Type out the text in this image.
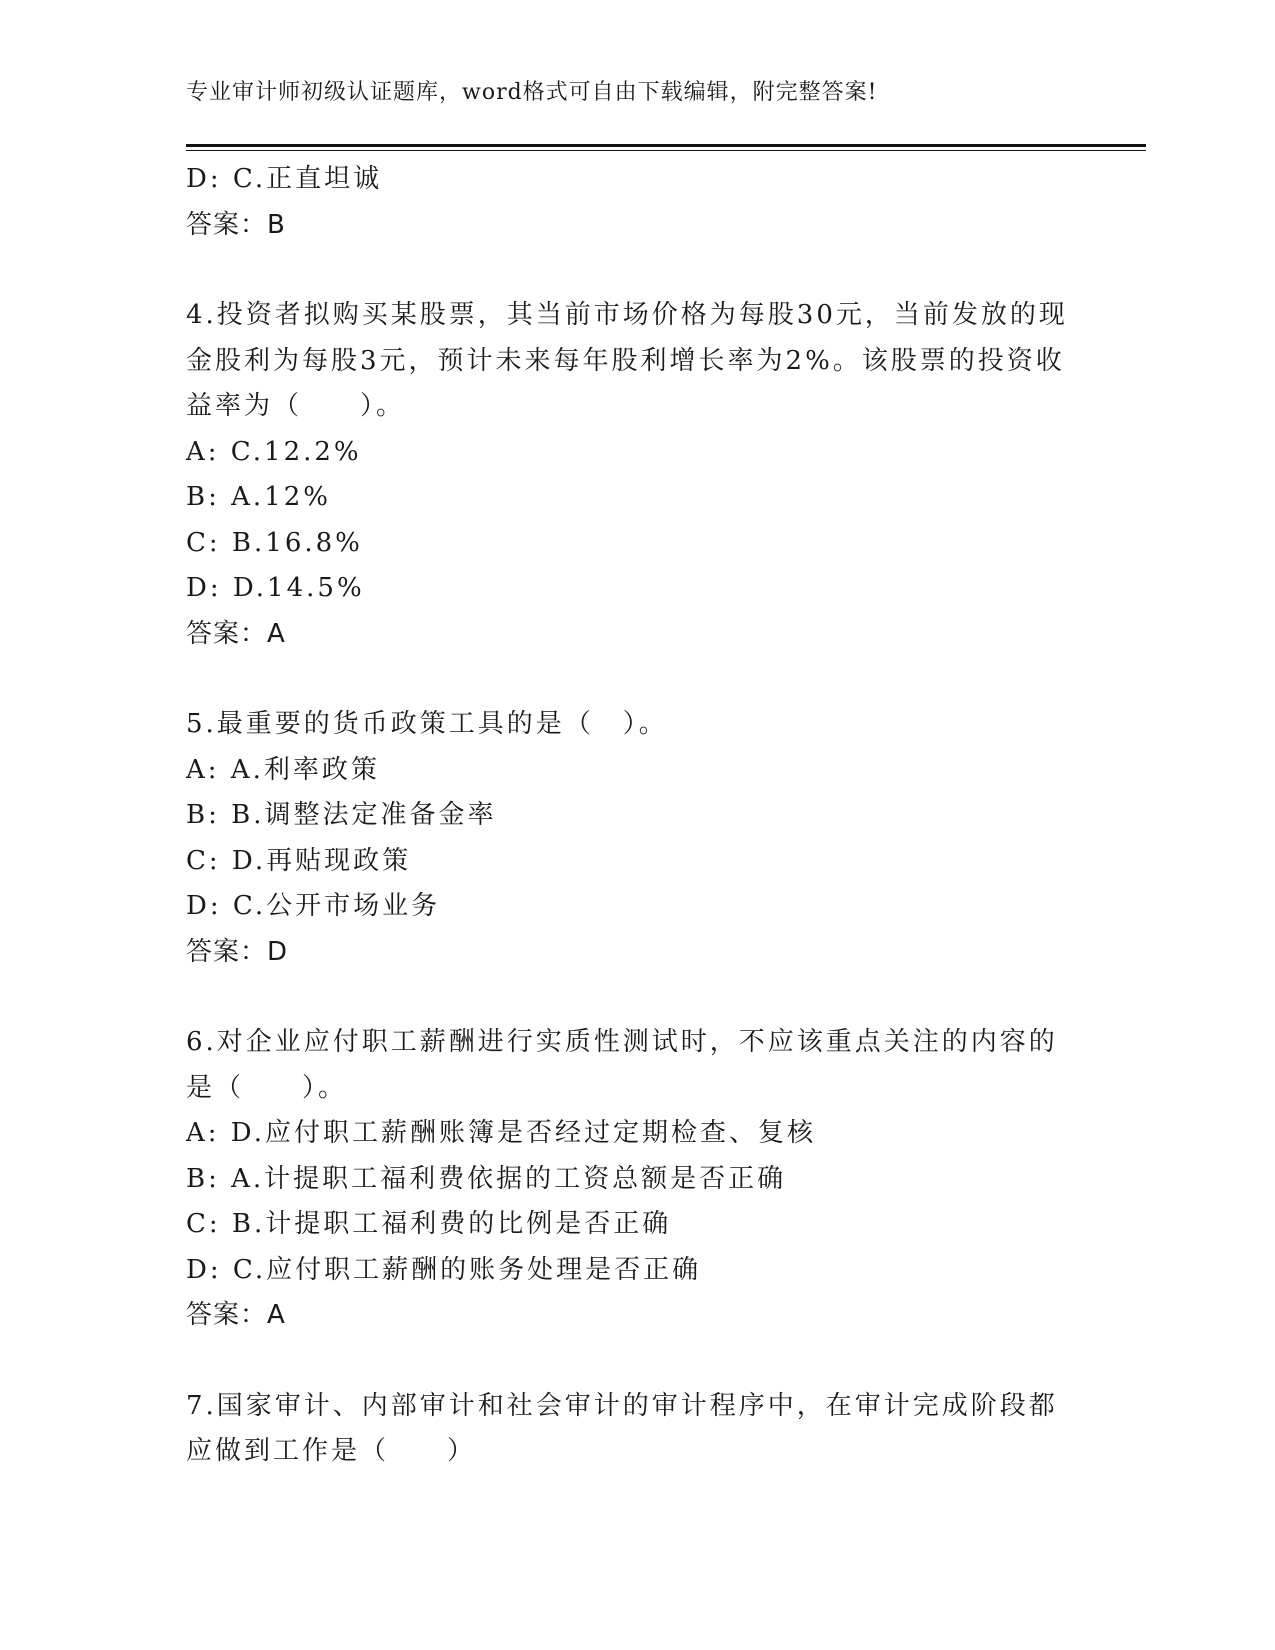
专业审计师初级认证题库，word格式可自由下载编辑，附完整答案!
D: C.正直坦诚
答案：B
4.投资者拟购买某股票，其当前市场价格为每股30元，当前发放的现
金股利为每股3元，预计未来每年股利增长率为2%。该股票的投资收
益率为（　　）。
A: C.12.2%
B: A.12%
C: B.16.8%
D: D.14.5%
答案：A
5.最重要的货币政策工具的是（　）。
A: A.利率政策
B: B.调整法定准备金率
C: D.再贴现政策
D: C.公开市场业务
答案：D
6.对企业应付职工薪酬进行实质性测试时，不应该重点关注的内容的
是（　　）。
A: D.应付职工薪酬账簿是否经过定期检查、复核
B: A.计提职工福利费依据的工资总额是否正确
C: B.计提职工福利费的比例是否正确
D: C.应付职工薪酬的账务处理是否正确
答案：A
7.国家审计、内部审计和社会审计的审计程序中，在审计完成阶段都
应做到工作是（　　）
